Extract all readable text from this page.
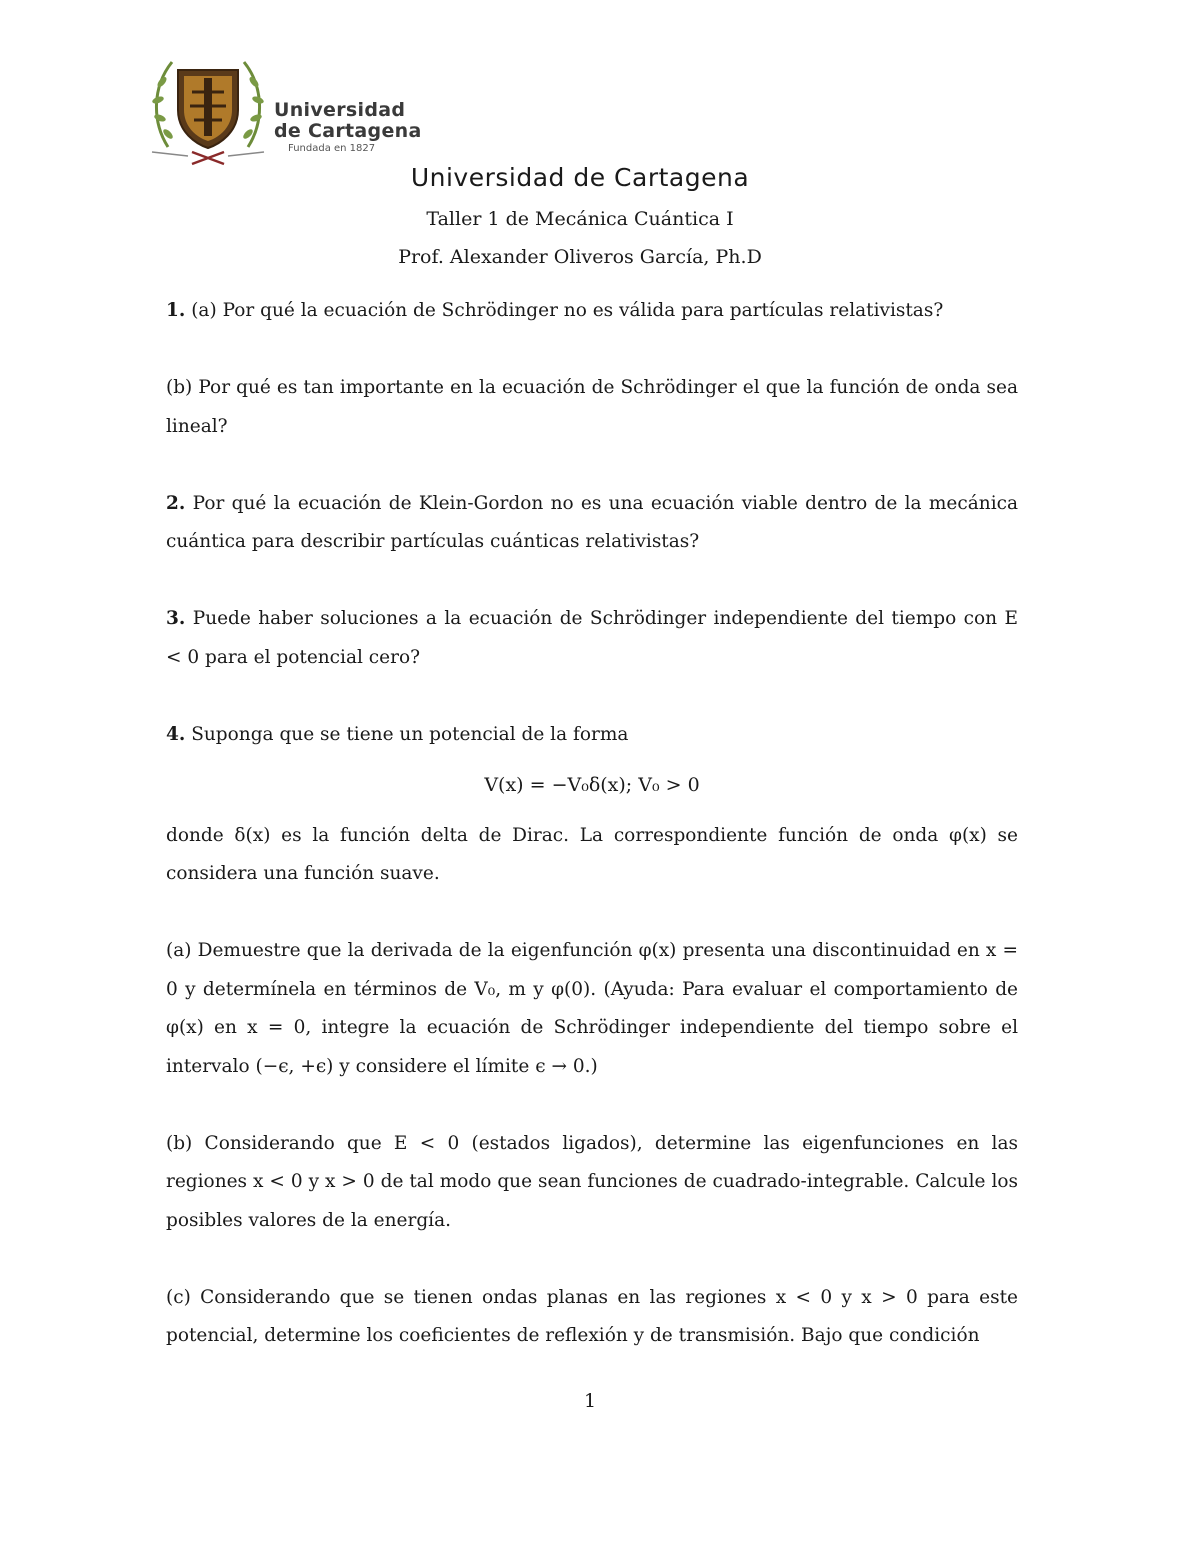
Universidad
de Cartagena
Fundada en 1827
Universidad de Cartagena
Taller 1 de Mecánica Cuántica I
Prof. Alexander Oliveros García, Ph.D

1. (a) Por qué la ecuación de Schrödinger no es válida para partículas relativistas?

(b) Por qué es tan importante en la ecuación de Schrödinger el que la función de onda sea lineal?

2. Por qué la ecuación de Klein-Gordon no es una ecuación viable dentro de la mecánica cuántica para describir partículas cuánticas relativistas?

3. Puede haber soluciones a la ecuación de Schrödinger independiente del tiempo con E < 0 para el potencial cero?

4. Suponga que se tiene un potencial de la forma

V(x) = −V₀δ(x); V₀ > 0

donde δ(x) es la función delta de Dirac. La correspondiente función de onda φ(x) se considera una función suave.

(a) Demuestre que la derivada de la eigenfunción φ(x) presenta una discontinuidad en x = 0 y determínela en términos de V₀, m y φ(0). (Ayuda: Para evaluar el comportamiento de φ(x) en x = 0, integre la ecuación de Schrödinger independiente del tiempo sobre el intervalo (−ϵ, +ϵ) y considere el límite ϵ → 0.)

(b) Considerando que E < 0 (estados ligados), determine las eigenfunciones en las regiones x < 0 y x > 0 de tal modo que sean funciones de cuadrado-integrable. Calcule los posibles valores de la energía.

(c) Considerando que se tienen ondas planas en las regiones x < 0 y x > 0 para este potencial, determine los coeficientes de reflexión y de transmisión. Bajo que condición

1
